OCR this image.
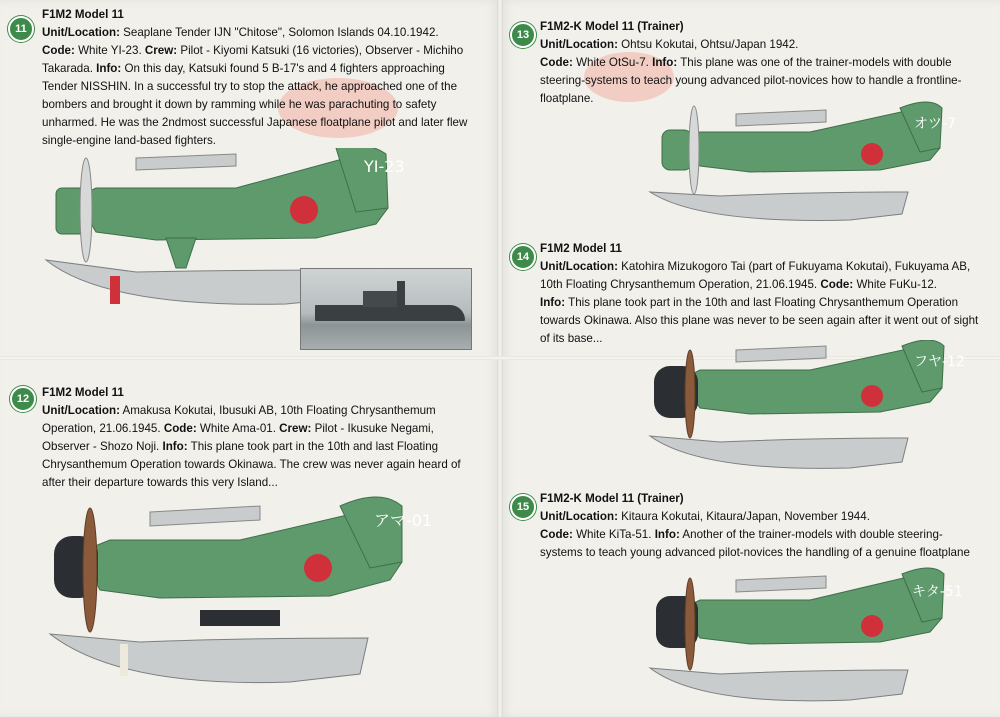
11
F1M2 Model 11
Unit/Location: Seaplane Tender IJN "Chitose", Solomon Islands 04.10.1942.
Code: White YI-23. Crew: Pilot - Kiyomi Katsuki (16 victories), Observer - Michiho Takarada. Info: On this day, Katsuki found 5 B-17's and 4 fighters approaching Tender NISSHIN. In a successful try to stop the attack, he approached one of the bombers and brought it down by ramming while he was parachuting to safety unharmed. He was the 2ndmost successful Japanese floatplane pilot and later flew single-engine land-based fighters.
YI-23
12	F1M2 Model 11
Unit/Location: Amakusa Kokutai, Ibusuki AB, 10th Floating Chrysanthemum Operation, 21.06.1945. Code: White Ama-01. Crew: Pilot - Ikusuke Negami, Observer - Shozo Noji. Info: This plane took part in the 10th and last Floating Chrysanthemum Operation towards Okinawa. The crew was never again heard of after their departure towards this very Island...
アマ-01
13
F1M2-K Model 11 (Trainer)
Unit/Location: Ohtsu Kokutai, Ohtsu/Japan 1942.
Code: White OtSu-7. Info: This plane was one of the trainer-models with double steering-systems to teach young advanced pilot-novices how to handle a frontline-floatplane.
オツ-7
14
F1M2 Model 11
Unit/Location: Katohira Mizukogoro Tai (part of Fukuyama Kokutai), Fukuyama AB, 10th Floating Chrysanthemum Operation, 21.06.1945. Code: White FuKu-12.
Info: This plane took part in the 10th and last Floating Chrysanthemum Operation towards Okinawa. Also this plane was never to be seen again after it went out of sight of its base...
フヤ-12
15
F1M2-K Model 11 (Trainer)
Unit/Location: Kitaura Kokutai, Kitaura/Japan, November 1944.
Code: White KiTa-51. Info: Another of the trainer-models with double steering-systems to teach young advanced pilot-novices the handling of a genuine floatplane
キタ-51
